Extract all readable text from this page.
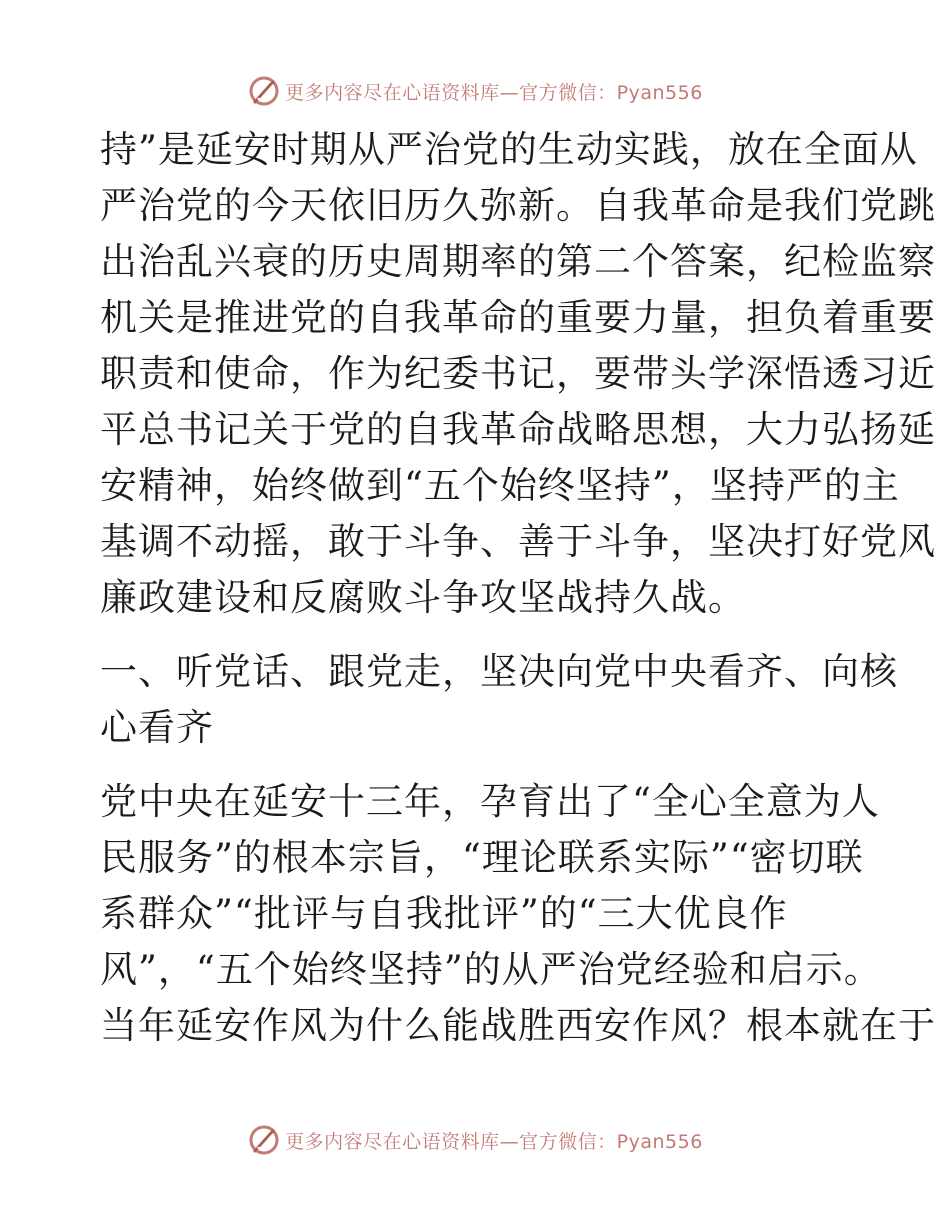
更多内容尽在心语资料库—官方微信：Pyan556
持”是延安时期从严治党的生动实践，放在全面从
严治党的今天依旧历久弥新。自我革命是我们党跳
出治乱兴衰的历史周期率的第二个答案，纪检监察
机关是推进党的自我革命的重要力量，担负着重要
职责和使命，作为纪委书记，要带头学深悟透习近
平总书记关于党的自我革命战略思想，大力弘扬延
安精神，始终做到“五个始终坚持”，坚持严的主
基调不动摇，敢于斗争、善于斗争，坚决打好党风
廉政建设和反腐败斗争攻坚战持久战。
一、听党话、跟党走，坚决向党中央看齐、向核
心看齐
党中央在延安十三年，孕育出了“全心全意为人
民服务”的根本宗旨，“理论联系实际”“密切联
系群众”“批评与自我批评”的“三大优良作
风”，“五个始终坚持”的从严治党经验和启示。
当年延安作风为什么能战胜西安作风？根本就在于
更多内容尽在心语资料库—官方微信：Pyan556
